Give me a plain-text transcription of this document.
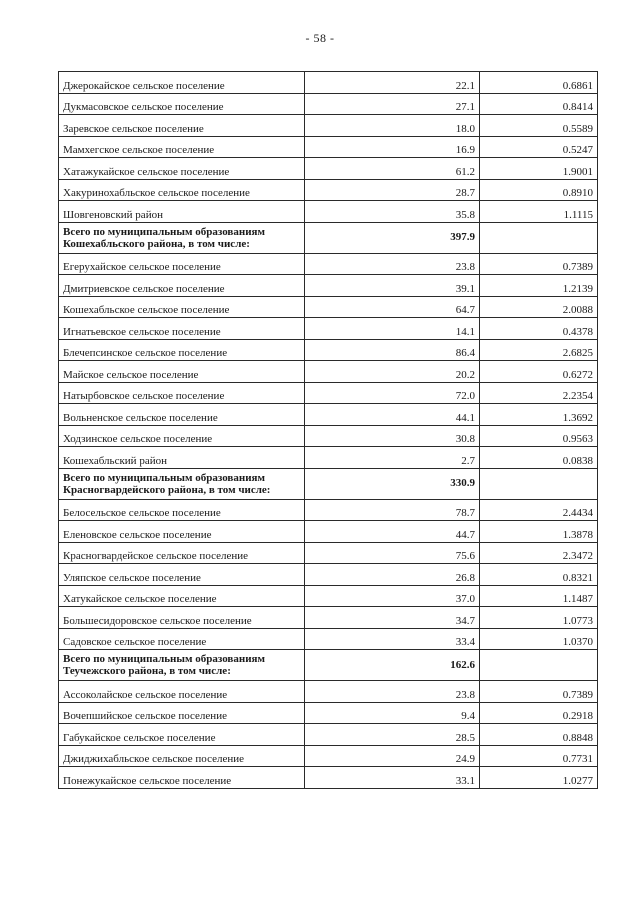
- 58 -
Джерокайское сельское поселение	22.1	0.6861
Дукмасовское сельское поселение	27.1	0.8414
Заревское сельское поселение	18.0	0.5589
Мамхегское сельское поселение	16.9	0.5247
Хатажукайское сельское поселение	61.2	1.9001
Хакуринохабльское сельское поселение	28.7	0.8910
Шовгеновский район	35.8	1.1115
Всего по муниципальным образованиям Кошехабльского района, в том числе:	397.9	
Егерухайское сельское поселение	23.8	0.7389
Дмитриевское сельское поселение	39.1	1.2139
Кошехабльское сельское поселение	64.7	2.0088
Игнатьевское сельское поселение	14.1	0.4378
Блечепсинское сельское поселение	86.4	2.6825
Майское сельское поселение	20.2	0.6272
Натырбовское сельское поселение	72.0	2.2354
Вольненское сельское поселение	44.1	1.3692
Ходзинское сельское поселение	30.8	0.9563
Кошехабльский район	2.7	0.0838
Всего по муниципальным образованиям Красногвардейского района, в том числе:	330.9	
Белосельское сельское поселение	78.7	2.4434
Еленовское сельское поселение	44.7	1.3878
Красногвардейское сельское поселение	75.6	2.3472
Уляпское сельское поселение	26.8	0.8321
Хатукайское сельское поселение	37.0	1.1487
Большесидоровское сельское поселение	34.7	1.0773
Садовское сельское поселение	33.4	1.0370
Всего по муниципальным образованиям Теучежского района, в том числе:	162.6	
Ассоколайское сельское поселение	23.8	0.7389
Вочепшийское сельское поселение	9.4	0.2918
Габукайское сельское поселение	28.5	0.8848
Джиджихабльское сельское поселение	24.9	0.7731
Понежукайское сельское поселение	33.1	1.0277
